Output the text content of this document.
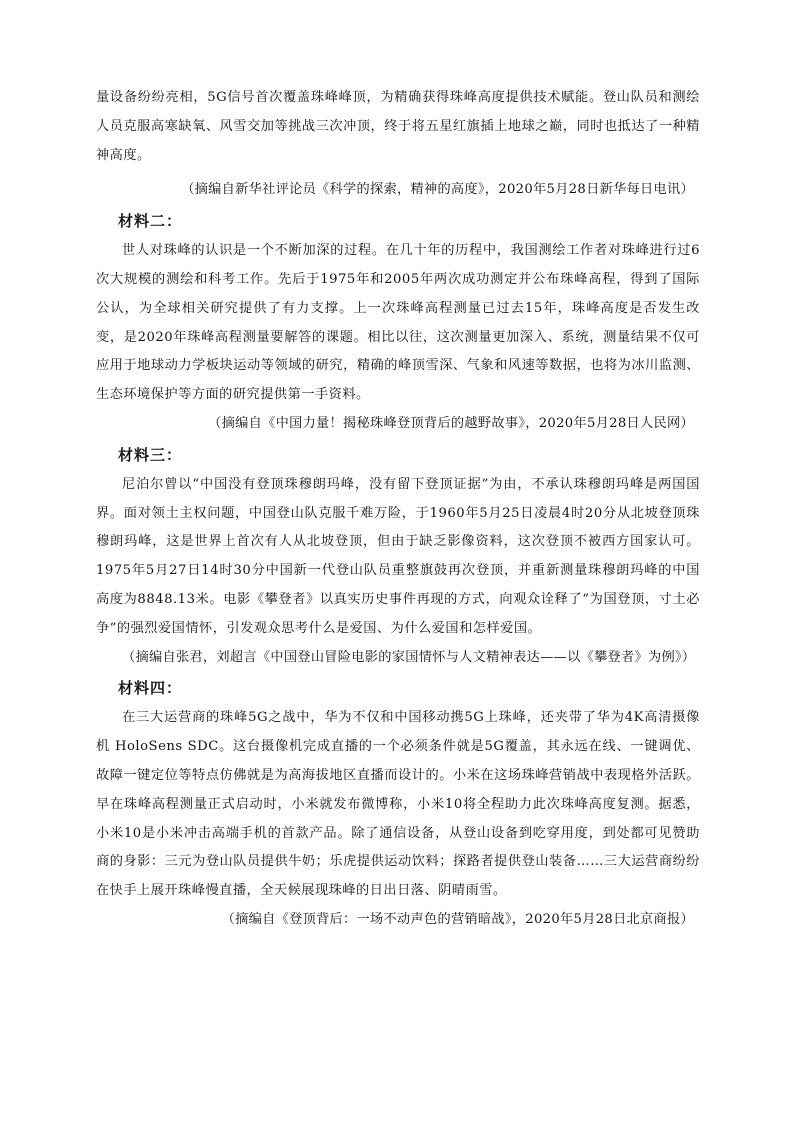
量设备纷纷亮相，5G信号首次覆盖珠峰峰顶，为精确获得珠峰高度提供技术赋能。登山队员和测绘人员克服高寒缺氧、风雪交加等挑战三次冲顶，终于将五星红旗插上地球之巅，同时也抵达了一种精神高度。

（摘编自新华社评论员《科学的探索，精神的高度》，2020年5月28日新华每日电讯）

材料二：

世人对珠峰的认识是一个不断加深的过程。在几十年的历程中，我国测绘工作者对珠峰进行过6次大规模的测绘和科考工作。先后于1975年和2005年两次成功测定并公布珠峰高程，得到了国际公认，为全球相关研究提供了有力支撑。上一次珠峰高程测量已过去15年，珠峰高度是否发生改变，是2020年珠峰高程测量要解答的课题。相比以往，这次测量更加深入、系统，测量结果不仅可应用于地球动力学板块运动等领域的研究，精确的峰顶雪深、气象和风速等数据，也将为冰川监测、生态环境保护等方面的研究提供第一手资料。

（摘编自《中国力量！揭秘珠峰登顶背后的越野故事》，2020年5月28日人民网）

材料三：

尼泊尔曾以“中国没有登顶珠穆朗玛峰，没有留下登顶证据”为由，不承认珠穆朗玛峰是两国国界。面对领土主权问题，中国登山队克服千难万险，于1960年5月25日凌晨4时20分从北坡登顶珠穆朗玛峰，这是世界上首次有人从北坡登顶，但由于缺乏影像资料，这次登顶不被西方国家认可。1975年5月27日14时30分中国新一代登山队员重整旗鼓再次登顶，并重新测量珠穆朗玛峰的中国高度为8848.13米。电影《攀登者》以真实历史事件再现的方式，向观众诠释了“为国登顶，寸土必争”的强烈爱国情怀，引发观众思考什么是爱国、为什么爱国和怎样爱国。

（摘编自张君，刘超言《中国登山冒险电影的家国情怀与人文精神表达——以《攀登者》为例》）

材料四：

在三大运营商的珠峰5G之战中，华为不仅和中国移动携5G上珠峰，还夹带了华为4K高清摄像机 HoloSens SDC。这台摄像机完成直播的一个必须条件就是5G覆盖，其永远在线、一键调优、故障一键定位等特点仿佛就是为高海拔地区直播而设计的。小米在这场珠峰营销战中表现格外活跃。早在珠峰高程测量正式启动时，小米就发布微博称，小米10将全程助力此次珠峰高度复测。据悉，小米10是小米冲击高端手机的首款产品。除了通信设备，从登山设备到吃穿用度，到处都可见赞助商的身影：三元为登山队员提供牛奶；乐虎提供运动饮料；探路者提供登山装备……三大运营商纷纷在快手上展开珠峰慢直播，全天候展现珠峰的日出日落、阴晴雨雪。

（摘编自《登顶背后：一场不动声色的营销暗战》，2020年5月28日北京商报）
